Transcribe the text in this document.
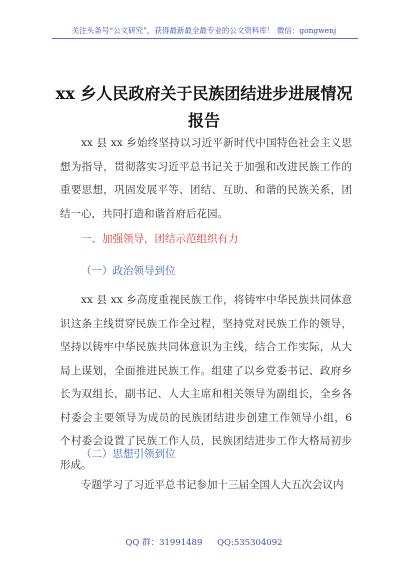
关注头条号“公文研究”，获得最新最全最专业的公文资料库！ 微信：gongwenj
xx 乡人民政府关于民族团结进步进展情况报告
xx 县 xx 乡始终坚持以习近平新时代中国特色社会主义思想为指导，贯彻落实习近平总书记关于加强和改进民族工作的重要思想，巩固发展平等、团结、互助、和谐的民族关系，团结一心，共同打造和谐首府后花园。
一、加强领导，团结示范组织有力
（一）政治领导到位
xx 县 xx 乡高度重视民族工作，将铸牢中华民族共同体意识这条主线贯穿民族工作全过程，坚持党对民族工作的领导，坚持以铸牢中华民族共同体意识为主线，结合工作实际，从大局上谋划，全面推进民族工作。组建了以乡党委书记、政府乡长为双组长，副书记、人大主席和相关领导为副组长，全乡各村委会主要领导为成员的民族团结进步创建工作领导小组，6 个村委会设置了民族工作人员，民族团结进步工作大格局初步形成。
（二）思想引领到位
专题学习了习近平总书记参加十三届全国人大五次会议内
QQ 群：31991489 QQ:535304092
